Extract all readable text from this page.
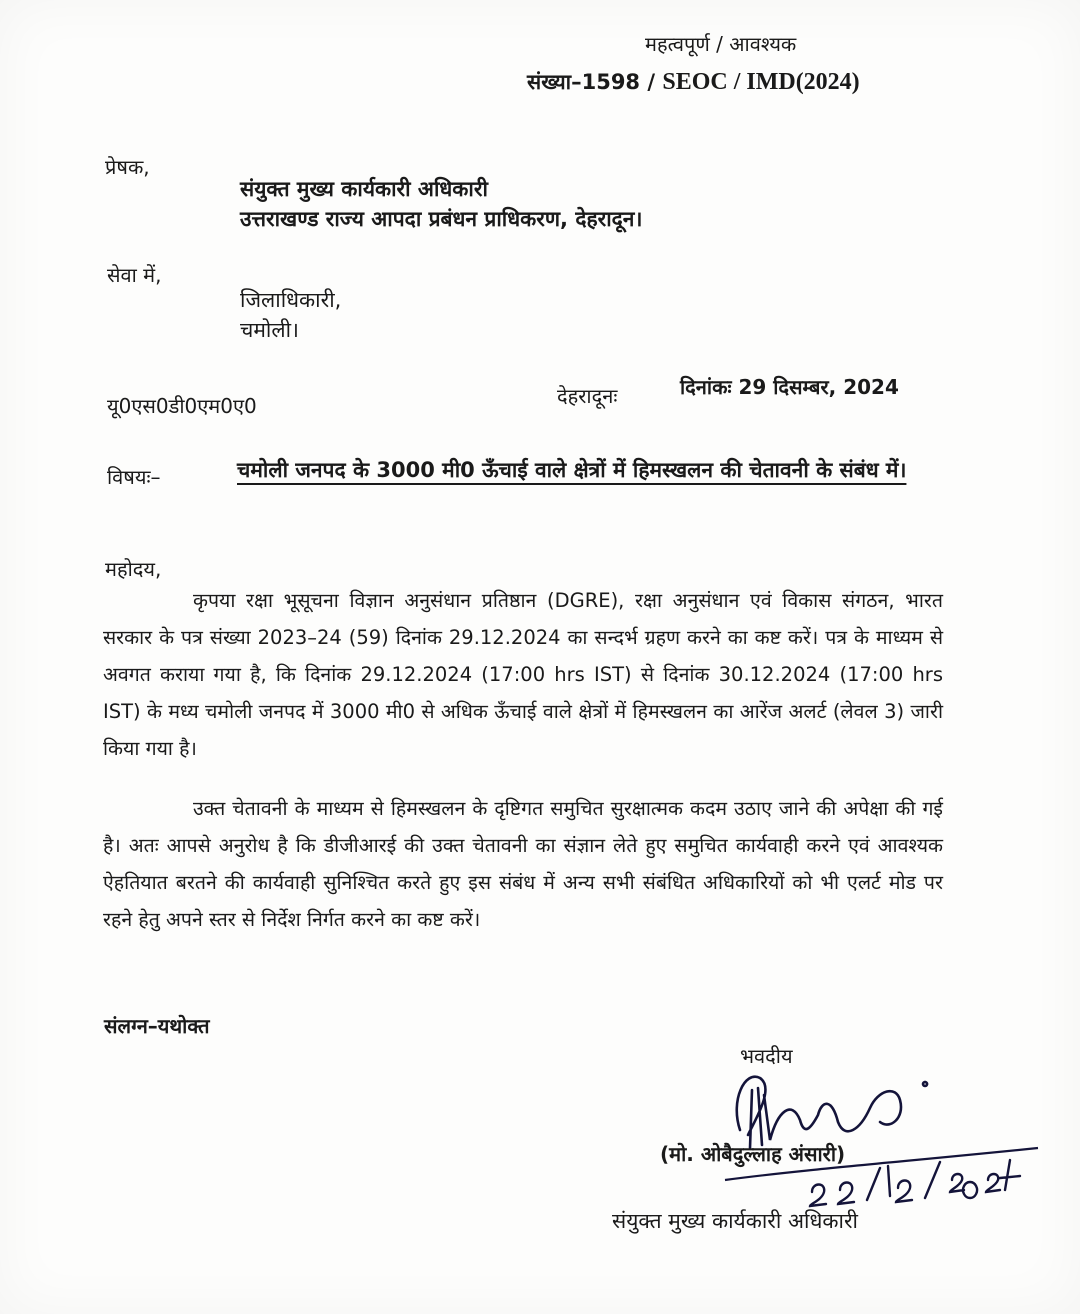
महत्वपूर्ण / आवश्यक
संख्या–1598 / SEOC / IMD(2024)
प्रेषक,
संयुक्त मुख्य कार्यकारी अधिकारी
उत्तराखण्ड राज्य आपदा प्रबंधन प्राधिकरण, देहरादून।
सेवा में,
जिलाधिकारी,
चमोली।
यू0एस0डी0एम0ए0	देहरादूनः	दिनांकः 29 दिसम्बर, 2024
विषयः–	चमोली जनपद के 3000 मी0 ऊँचाई वाले क्षेत्रों में हिमस्खलन की चेतावनी के संबंध में।
महोदय,

कृपया रक्षा भूसूचना विज्ञान अनुसंधान प्रतिष्ठान (DGRE), रक्षा अनुसंधान एवं विकास संगठन, भारत सरकार के पत्र संख्या 2023–24 (59) दिनांक 29.12.2024 का सन्दर्भ ग्रहण करने का कष्ट करें। पत्र के माध्यम से अवगत कराया गया है, कि दिनांक 29.12.2024 (17:00 hrs IST) से दिनांक 30.12.2024 (17:00 hrs IST) के मध्य चमोली जनपद में 3000 मी0 से अधिक ऊँचाई वाले क्षेत्रों में हिमस्खलन का आरेंज अलर्ट (लेवल 3) जारी किया गया है।

उक्त चेतावनी के माध्यम से हिमस्खलन के दृष्टिगत समुचित सुरक्षात्मक कदम उठाए जाने की अपेक्षा की गई है। अतः आपसे अनुरोध है कि डीजीआरई की उक्त चेतावनी का संज्ञान लेते हुए समुचित कार्यवाही करने एवं आवश्यक ऐहतियात बरतने की कार्यवाही सुनिश्चित करते हुए इस संबंध में अन्य सभी संबंधित अधिकारियों को भी एलर्ट मोड पर रहने हेतु अपने स्तर से निर्देश निर्गत करने का कष्ट करें।

संलग्न–यथोक्त
भवदीय
(मो. ओबैदुल्लाह अंसारी)
संयुक्त मुख्य कार्यकारी अधिकारी
